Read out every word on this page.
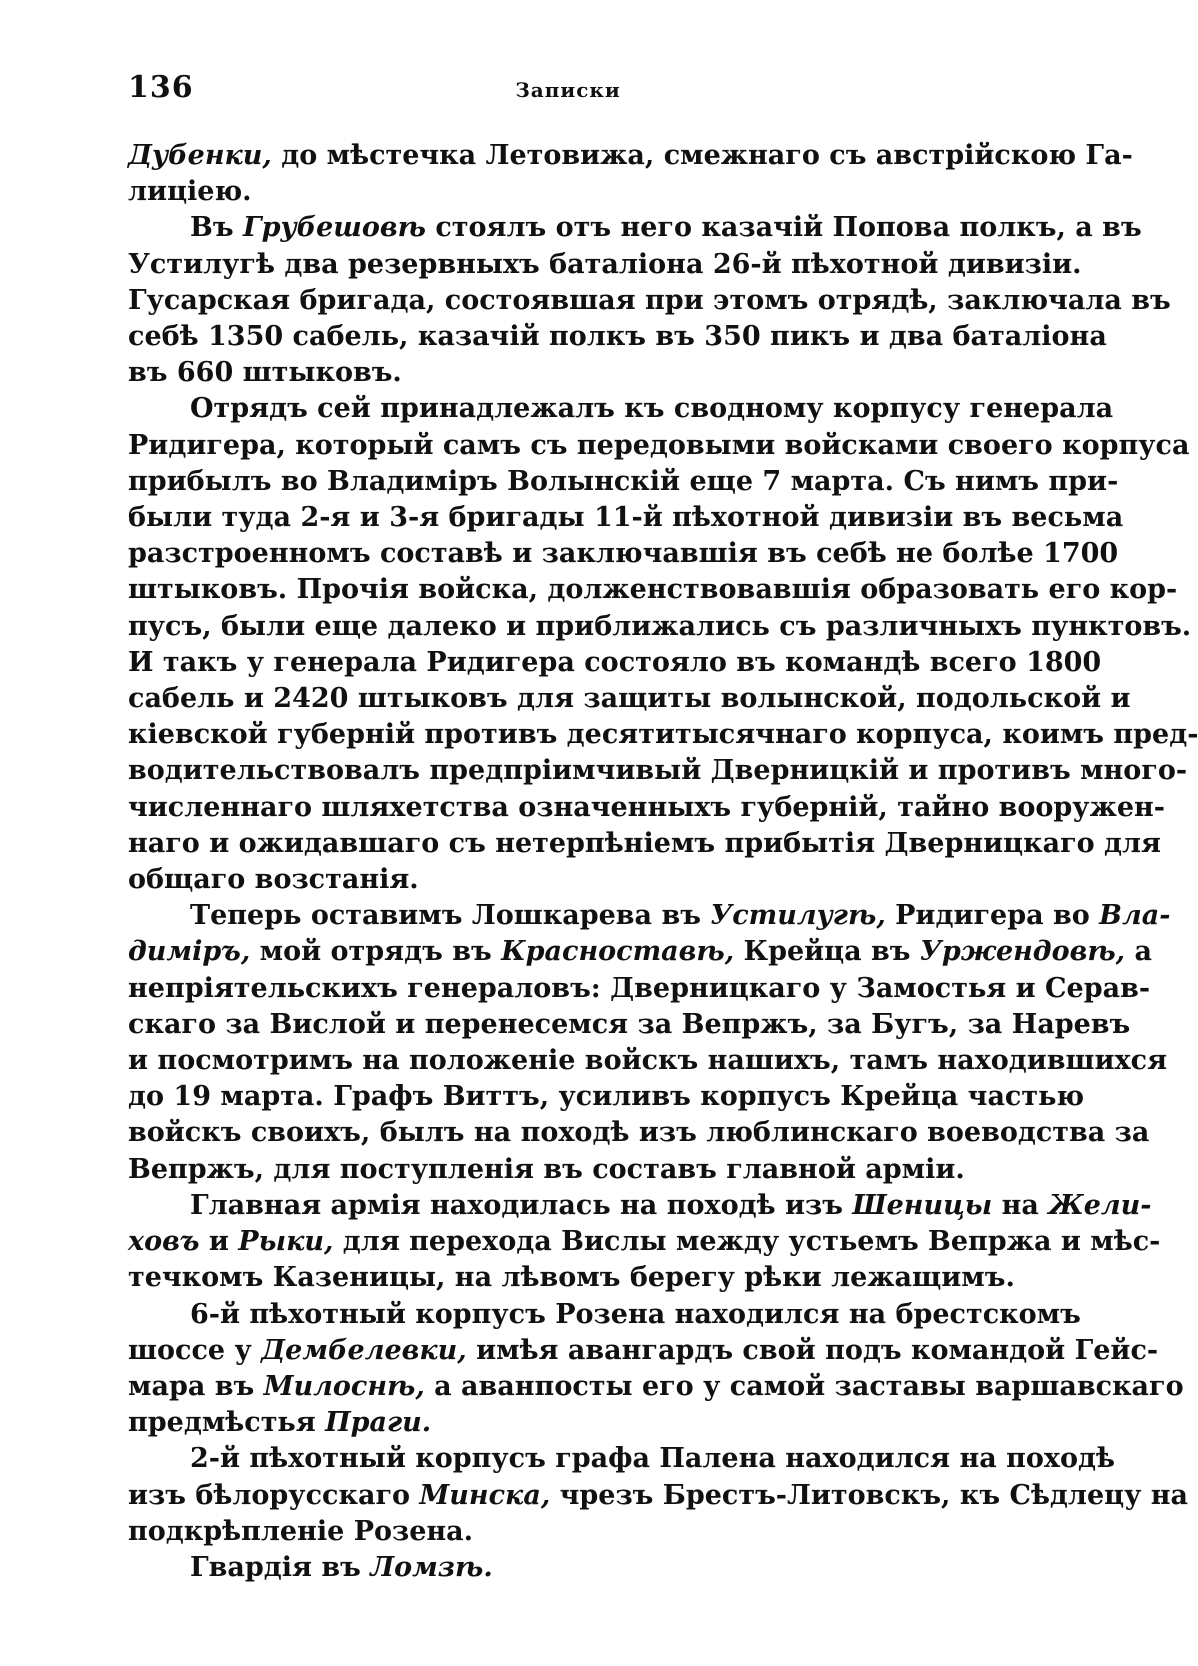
136	Записки
Дубенки, до мѣстечка Летовижа, смежнаго съ австрійскою Га-
лиціею.
Въ Грубешовѣ стоялъ отъ него казачій Попова полкъ, а въ
Устилугѣ два резервныхъ баталіона 26-й пѣхотной дивизіи.
Гусарская бригада, состоявшая при этомъ отрядѣ, заключала въ
себѣ 1350 сабель, казачій полкъ въ 350 пикъ и два баталіона
въ 660 штыковъ.
Отрядъ сей принадлежалъ къ сводному корпусу генерала
Ридигера, который самъ съ передовыми войсками своего корпуса
прибылъ во Владиміръ Волынскій еще 7 марта. Съ нимъ при-
были туда 2-я и 3-я бригады 11-й пѣхотной дивизіи въ весьма
разстроенномъ составѣ и заключавшія въ себѣ не болѣе 1700
штыковъ. Прочія войска, долженствовавшія образовать его кор-
пусъ, были еще далеко и приближались съ различныхъ пунктовъ.
И такъ у генерала Ридигера состояло въ командѣ всего 1800
сабель и 2420 штыковъ для защиты волынской, подольской и
кіевской губерній противъ десятитысячнаго корпуса, коимъ пред-
водительствовалъ предпріимчивый Дверницкій и противъ много-
численнаго шляхетства означенныхъ губерній, тайно вооружен-
наго и ожидавшаго съ нетерпѣніемъ прибытія Дверницкаго для
общаго возстанія.
Теперь оставимъ Лошкарева въ Устилугѣ, Ридигера во Вла-
диміръ, мой отрядъ въ Красноставѣ, Крейца въ Урженд​овѣ, а
непріятельскихъ генераловъ: Дверницкаго у Замостья и Серав-
скаго за Вислой и перенесемся за Вепржъ, за Бугъ, за Наревъ
и посмотримъ на положеніе войскъ нашихъ, тамъ находившихся
до 19 марта. Графъ Виттъ, усиливъ корпусъ Крейца частью
войскъ своихъ, былъ на походѣ изъ люблинскаго воеводства за
Вепржъ, для поступленія въ составъ главной арміи.
Главная армія находилась на походѣ изъ Шеницы на Жели-
ховъ и Рыки, для перехода Вислы между устьемъ Вепржа и мѣс-
течкомъ Казеницы, на лѣвомъ берегу рѣки лежащимъ.
6-й пѣхотный корпусъ Розена находился на брестскомъ
шоссе у Дембелевки, имѣя авангардъ свой подъ командой Гейс-
мара въ Милоснѣ, а аванпосты его у самой заставы варшавскаго
предмѣстья Праги.
2-й пѣхотный корпусъ графа Палена находился на походѣ
изъ бѣлорусскаго Минска, чрезъ Брестъ-Литовскъ, къ Сѣдлецу на
подкрѣпленіе Розена.
Гвардія въ Ломзѣ.
